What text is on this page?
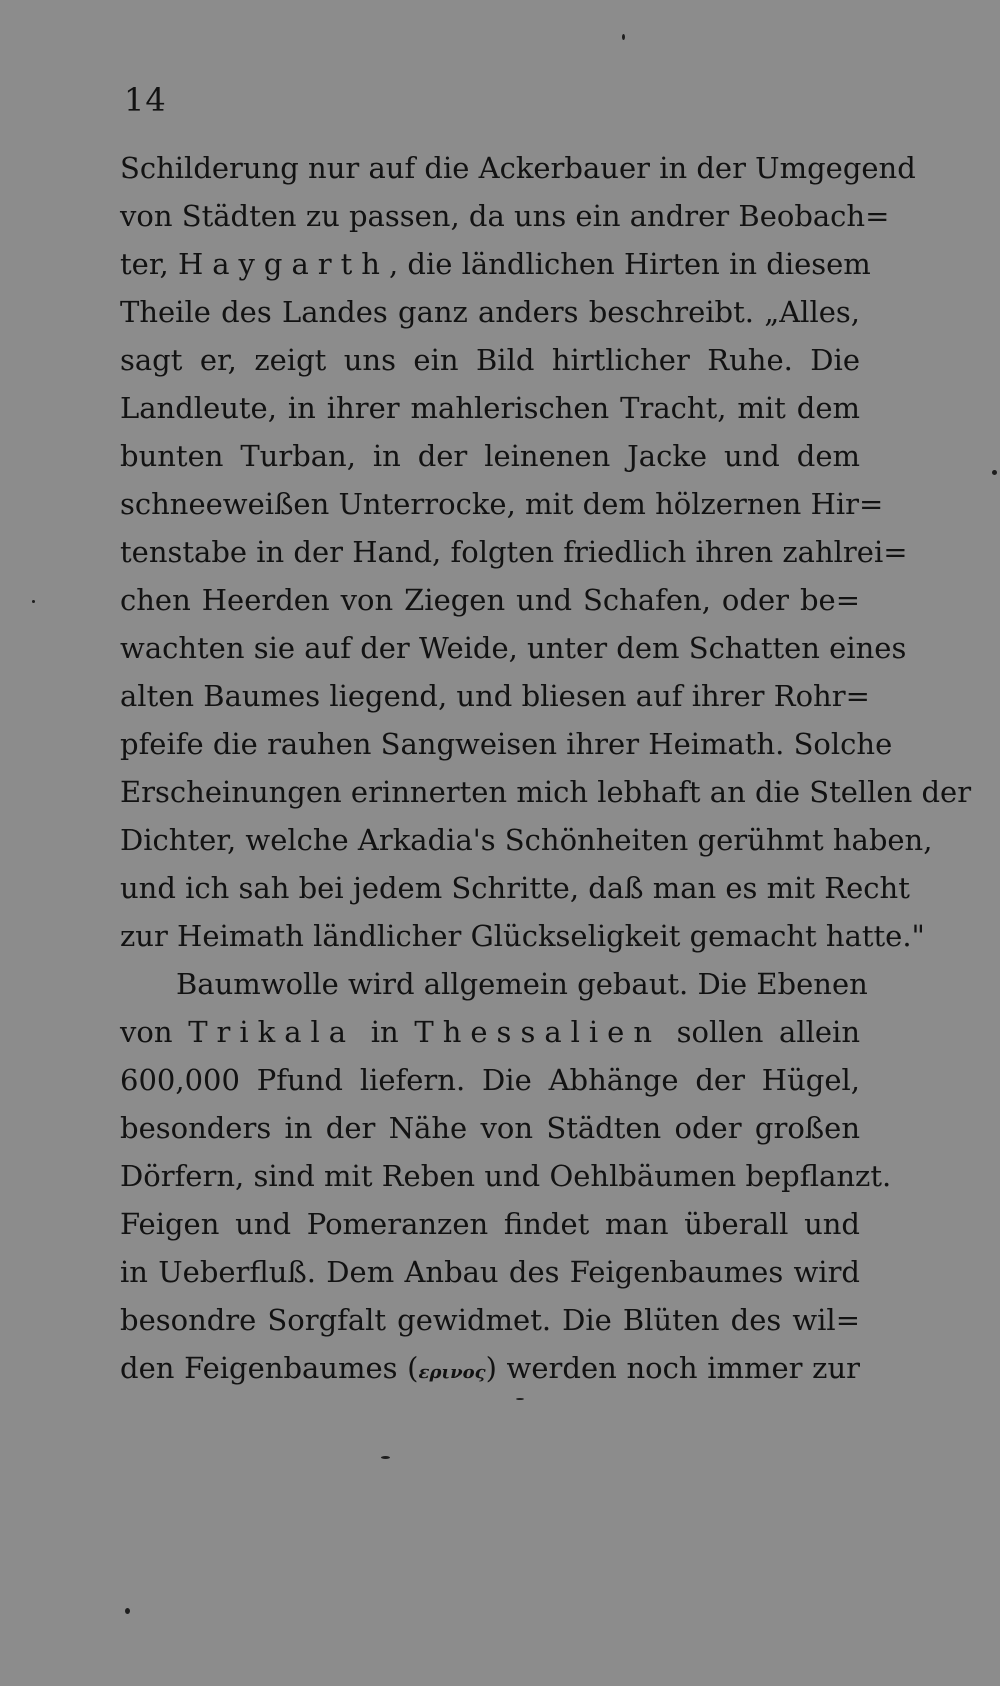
14
Schilderung nur auf die Ackerbauer in der Umgegend
von Städten zu passen, da uns ein andrer Beobach=
ter, Haygarth, die ländlichen Hirten in diesem
Theile des Landes ganz anders beschreibt. „Alles,
sagt er, zeigt uns ein Bild hirtlicher Ruhe. Die
Landleute, in ihrer mahlerischen Tracht, mit dem
bunten Turban, in der leinenen Jacke und dem
schneeweißen Unterrocke, mit dem hölzernen Hir=
tenstabe in der Hand, folgten friedlich ihren zahlrei=
chen Heerden von Ziegen und Schafen, oder be=
wachten sie auf der Weide, unter dem Schatten eines
alten Baumes liegend, und bliesen auf ihrer Rohr=
pfeife die rauhen Sangweisen ihrer Heimath. Solche
Erscheinungen erinnerten mich lebhaft an die Stellen der
Dichter, welche Arkadia's Schönheiten gerühmt haben,
und ich sah bei jedem Schritte, daß man es mit Recht
zur Heimath ländlicher Glückseligkeit gemacht hatte."
Baumwolle wird allgemein gebaut. Die Ebenen
von Trikala in Thessalien sollen allein
600,000 Pfund liefern. Die Abhänge der Hügel,
besonders in der Nähe von Städten oder großen
Dörfern, sind mit Reben und Oehlbäumen bepflanzt.
Feigen und Pomeranzen findet man überall und
in Ueberfluß. Dem Anbau des Feigenbaumes wird
besondre Sorgfalt gewidmet. Die Blüten des wil=
den Feigenbaumes (ερινος) werden noch immer zur
